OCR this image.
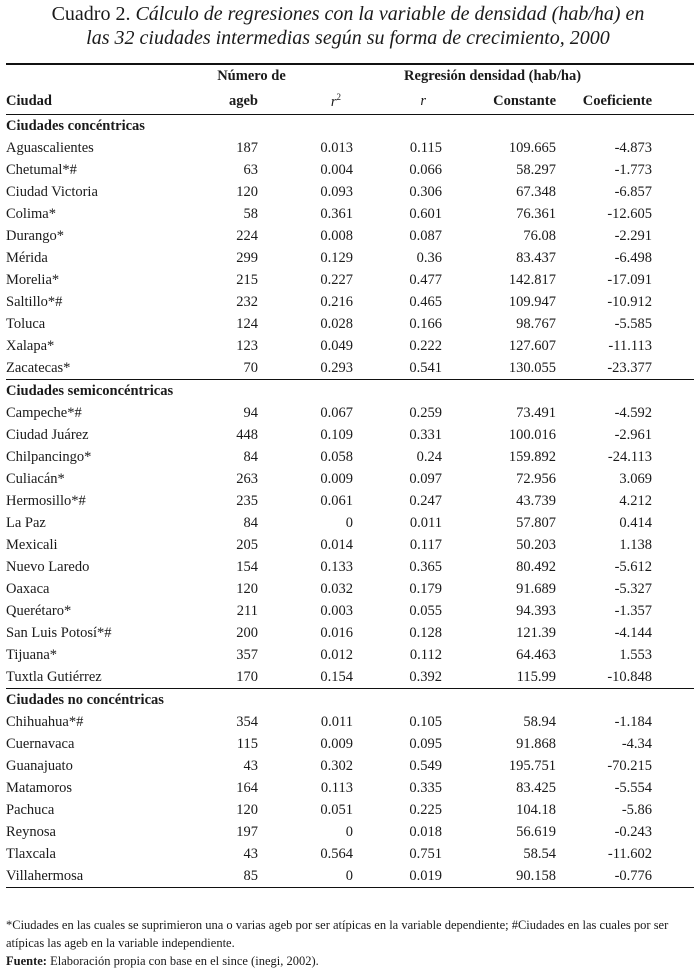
Cuadro 2. Cálculo de regresiones con la variable de densidad (hab/ha) en las 32 ciudades intermedias según su forma de crecimiento, 2000
	Número de		Regresión densidad (hab/ha)			
Ciudad	ageb	$r^2$	r	Constante	Coeficiente	
Ciudades concéntricas						
Aguascalientes	187	0.013	0.115	109.665	-4.873	
Chetumal*#	63	0.004	0.066	58.297	-1.773	
Ciudad Victoria	120	0.093	0.306	67.348	-6.857	
Colima*	58	0.361	0.601	76.361	-12.605	
Durango*	224	0.008	0.087	76.08	-2.291	
Mérida	299	0.129	0.36	83.437	-6.498	
Morelia*	215	0.227	0.477	142.817	-17.091	
Saltillo*#	232	0.216	0.465	109.947	-10.912	
Toluca	124	0.028	0.166	98.767	-5.585	
Xalapa*	123	0.049	0.222	127.607	-11.113	
Zacatecas*	70	0.293	0.541	130.055	-23.377	
Ciudades semiconcéntricas						
Campeche*#	94	0.067	0.259	73.491	-4.592	
Ciudad Juárez	448	0.109	0.331	100.016	-2.961	
Chilpancingo*	84	0.058	0.24	159.892	-24.113	
Culiacán*	263	0.009	0.097	72.956	3.069	
Hermosillo*#	235	0.061	0.247	43.739	4.212	
La Paz	84	0	0.011	57.807	0.414	
Mexicali	205	0.014	0.117	50.203	1.138	
Nuevo Laredo	154	0.133	0.365	80.492	-5.612	
Oaxaca	120	0.032	0.179	91.689	-5.327	
Querétaro*	211	0.003	0.055	94.393	-1.357	
San Luis Potosí*#	200	0.016	0.128	121.39	-4.144	
Tijuana*	357	0.012	0.112	64.463	1.553	
Tuxtla Gutiérrez	170	0.154	0.392	115.99	-10.848	
Ciudades no concéntricas						
Chihuahua*#	354	0.011	0.105	58.94	-1.184	
Cuernavaca	115	0.009	0.095	91.868	-4.34	
Guanajuato	43	0.302	0.549	195.751	-70.215	
Matamoros	164	0.113	0.335	83.425	-5.554	
Pachuca	120	0.051	0.225	104.18	-5.86	
Reynosa	197	0	0.018	56.619	-0.243	
Tlaxcala	43	0.564	0.751	58.54	-11.602	
Villahermosa	85	0	0.019	90.158	-0.776	
*Ciudades en las cuales se suprimieron una o varias ageb por ser atípicas en la variable dependiente; #Ciudades en las cuales por ser atípicas las ageb en la variable independiente.
Fuente: Elaboración propia con base en el since (inegi, 2002).
